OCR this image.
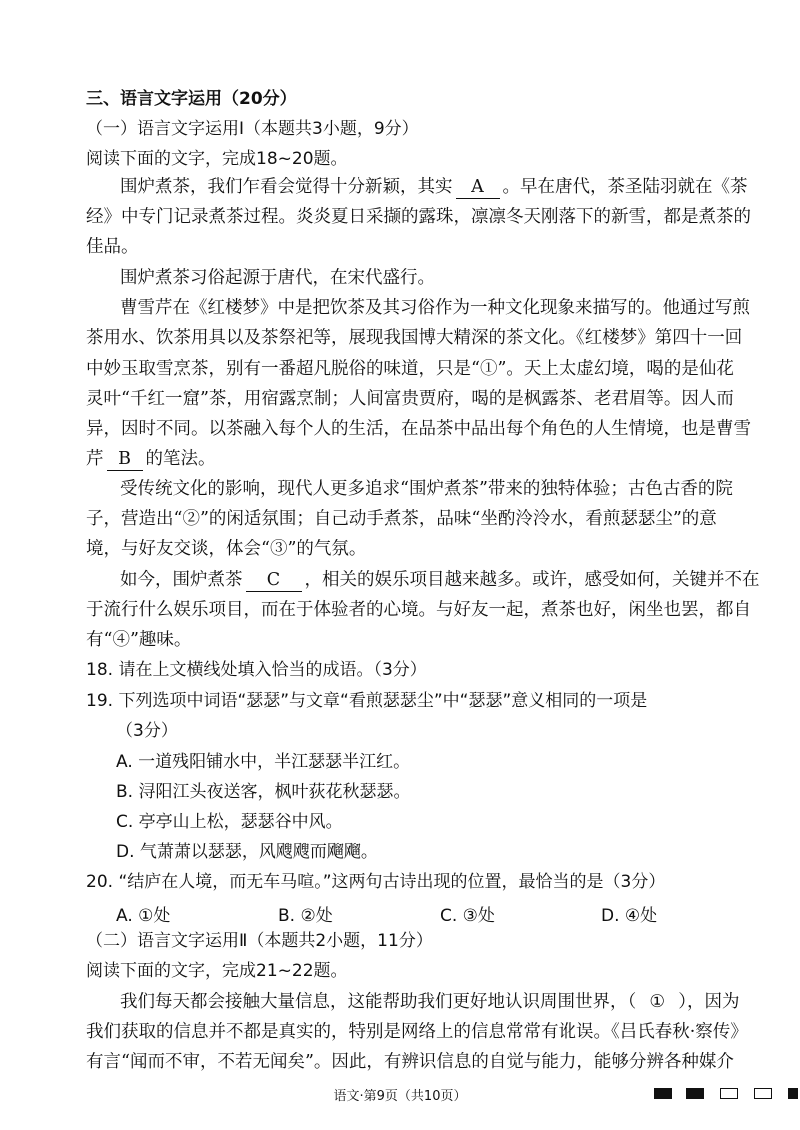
三、语言文字运用（20分）
（一）语言文字运用Ⅰ（本题共3小题，9分）
阅读下面的文字，完成18~20题。
围炉煮茶，我们乍看会觉得十分新颖，其实 A 。早在唐代，茶圣陆羽就在《茶
经》中专门记录煮茶过程。炎炎夏日采撷的露珠，凛凛冬天刚落下的新雪，都是煮茶的
佳品。
围炉煮茶习俗起源于唐代，在宋代盛行。
曹雪芹在《红楼梦》中是把饮茶及其习俗作为一种文化现象来描写的。他通过写煎
茶用水、饮茶用具以及茶祭祀等，展现我国博大精深的茶文化。《红楼梦》第四十一回
中妙玉取雪烹茶，别有一番超凡脱俗的味道，只是“①”。天上太虚幻境，喝的是仙花
灵叶“千红一窟”茶，用宿露烹制；人间富贵贾府，喝的是枫露茶、老君眉等。因人而
异，因时不同。以茶融入每个人的生活，在品茶中品出每个角色的人生情境，也是曹雪
芹 B 的笔法。
受传统文化的影响，现代人更多追求“围炉煮茶”带来的独特体验；古色古香的院
子，营造出“②”的闲适氛围；自己动手煮茶，品味“坐酌泠泠水，看煎瑟瑟尘”的意
境，与好友交谈，体会“③”的气氛。
如今，围炉煮茶 C ，相关的娱乐项目越来越多。或许，感受如何，关键并不在
于流行什么娱乐项目，而在于体验者的心境。与好友一起，煮茶也好，闲坐也罢，都自
有“④”趣味。
18. 请在上文横线处填入恰当的成语。（3分）
19. 下列选项中词语“瑟瑟”与文章“看煎瑟瑟尘”中“瑟瑟”意义相同的一项是
（3分）
A. 一道残阳铺水中，半江瑟瑟半江红。
B. 浔阳江头夜送客，枫叶荻花秋瑟瑟。
C. 亭亭山上松，瑟瑟谷中风。
D. 气萧萧以瑟瑟，风飕飕而飗飗。
20. “结庐在人境，而无车马喧。”这两句古诗出现的位置，最恰当的是（3分）
A. ①处	B. ②处	C. ③处	D. ④处
（二）语言文字运用Ⅱ（本题共2小题，11分）
阅读下面的文字，完成21~22题。
我们每天都会接触大量信息，这能帮助我们更好地认识周围世界，（ ① ），因为
我们获取的信息并不都是真实的，特别是网络上的信息常常有讹误。《吕氏春秋·察传》
有言“闻而不审，不若无闻矣”。因此，有辨识信息的自觉与能力，能够分辨各种媒介
语文·第9页（共10页）
